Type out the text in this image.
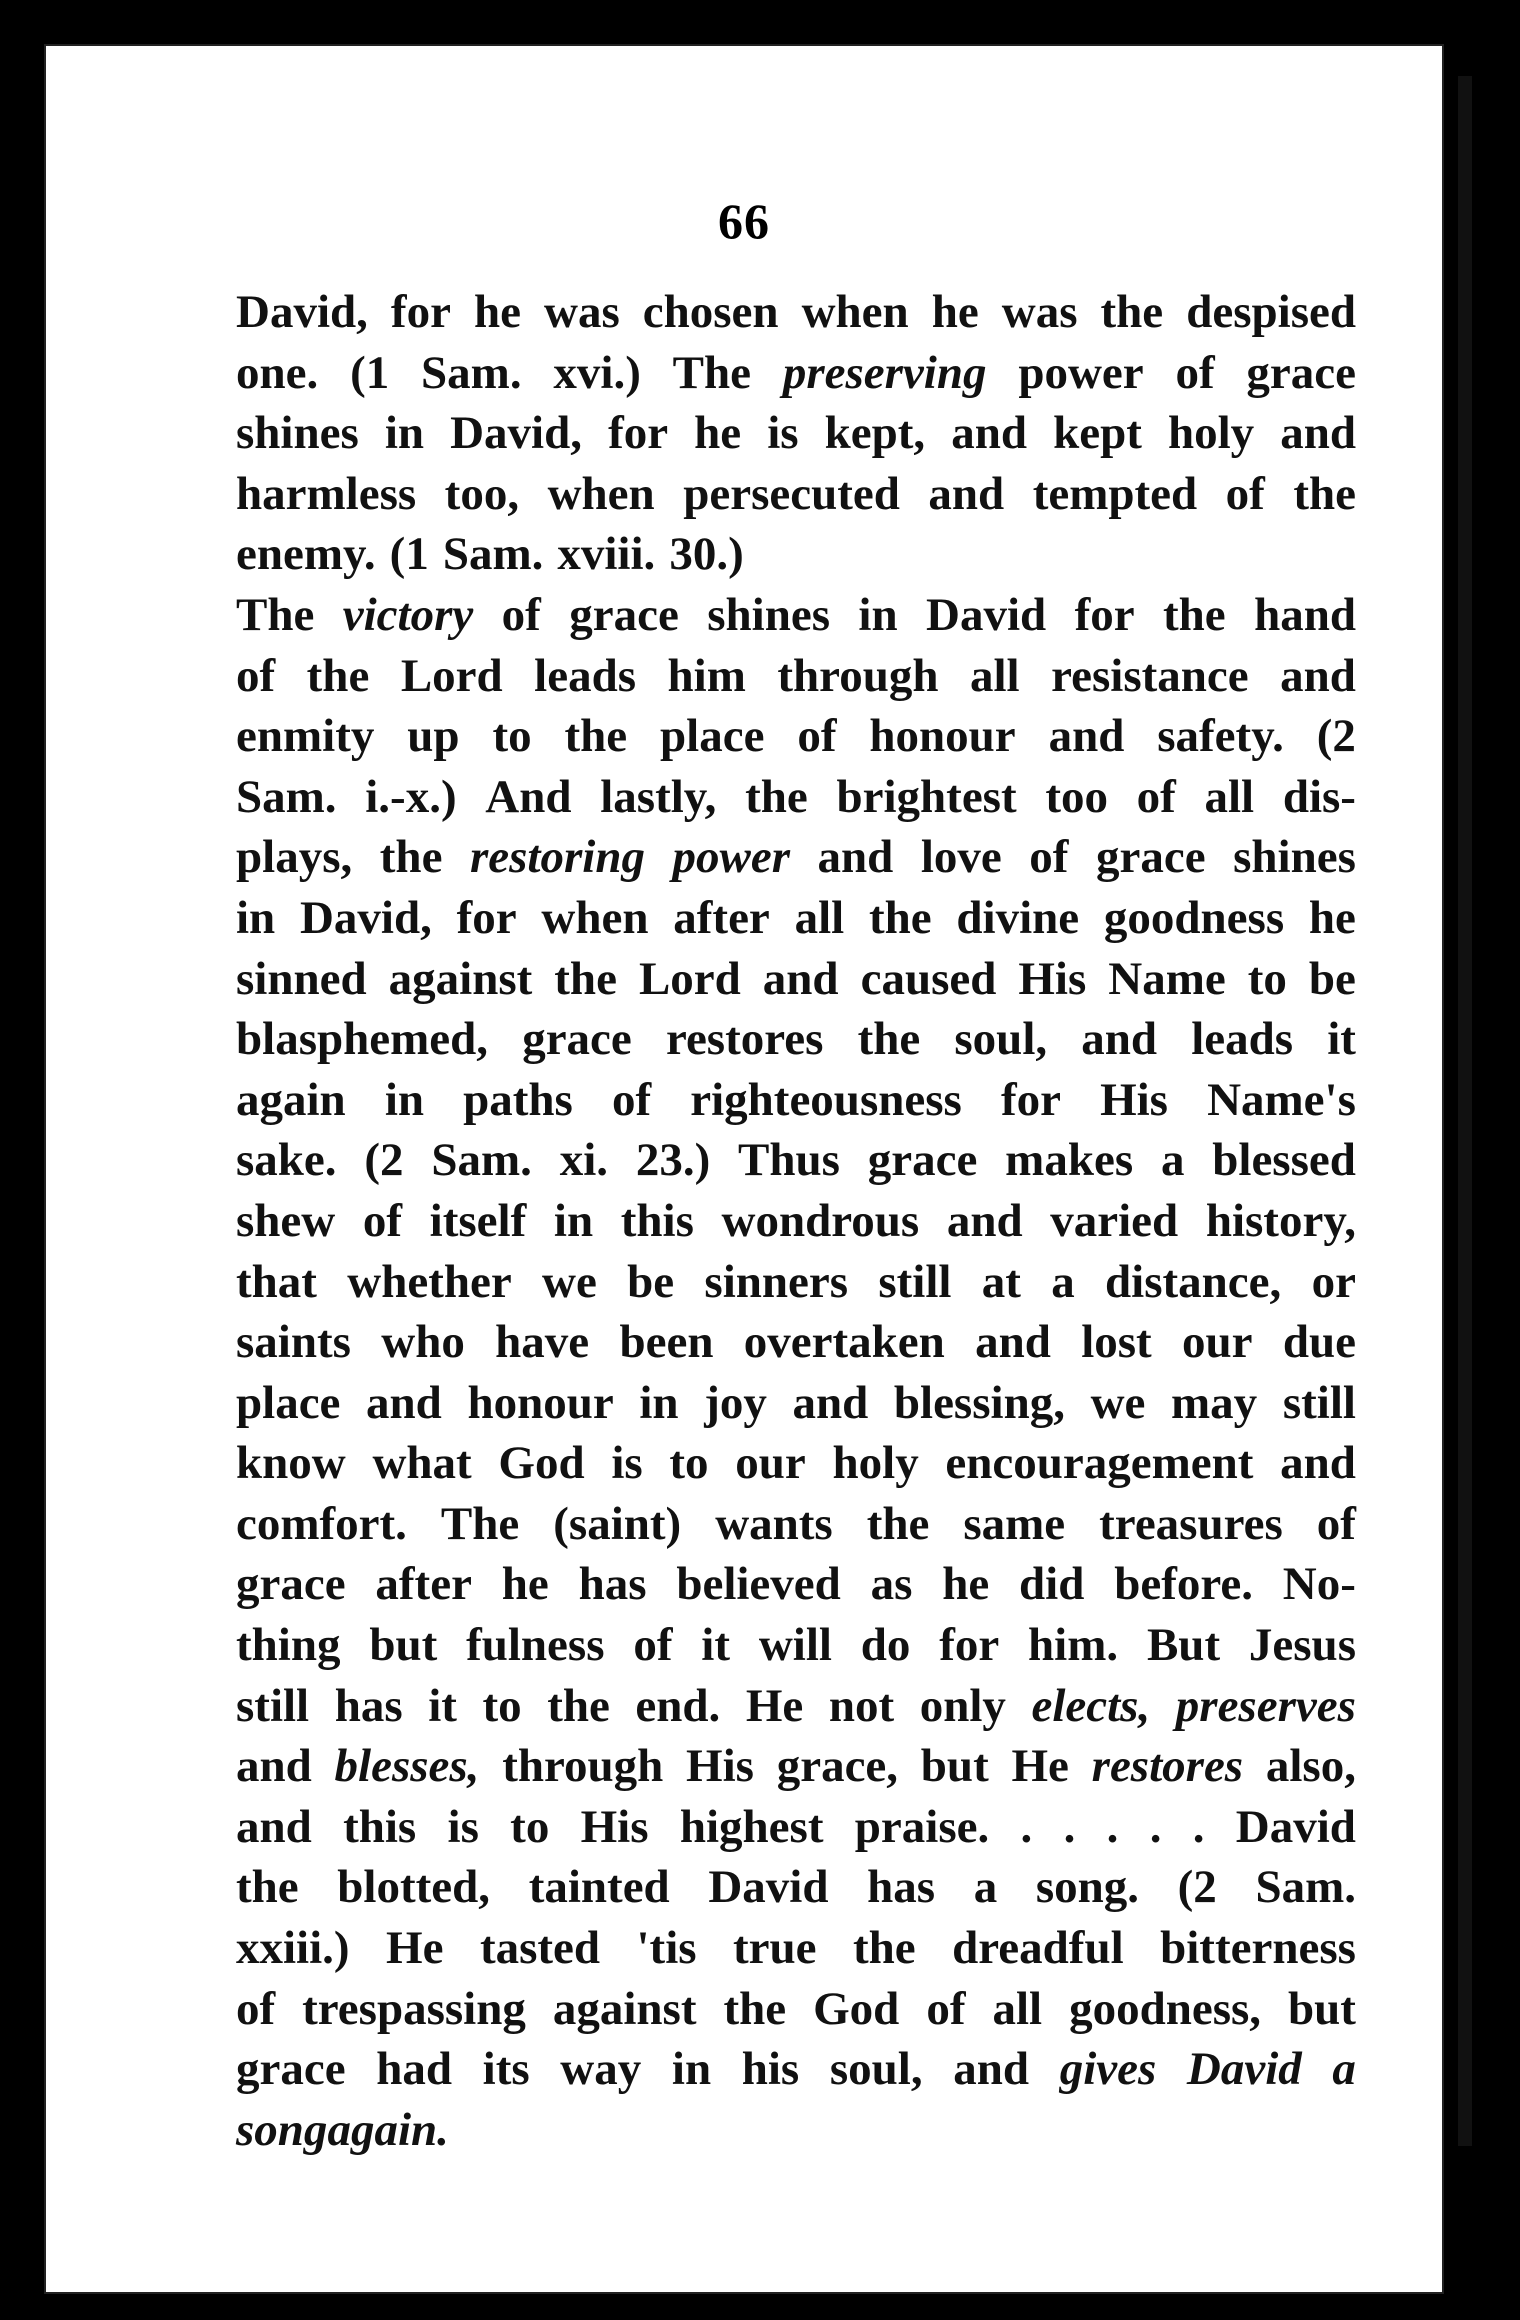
66
David, for he was chosen when he was the despised
one. (1 Sam. xvi.) The preserving power of grace
shines in David, for he is kept, and kept holy and
harmless too, when persecuted and tempted of the
enemy. (1 Sam. xviii. 30.)
The victory of grace shines in David for the hand
of the Lord leads him through all resistance and
enmity up to the place of honour and safety. (2
Sam. i.-x.) And lastly, the brightest too of all dis-
plays, the restoring power and love of grace shines
in David, for when after all the divine goodness he
sinned against the Lord and caused His Name to be
blasphemed, grace restores the soul, and leads it
again in paths of righteousness for His Name's
sake. (2 Sam. xi. 23.) Thus grace makes a blessed
shew of itself in this wondrous and varied history,
that whether we be sinners still at a distance, or
saints who have been overtaken and lost our due
place and honour in joy and blessing, we may still
know what God is to our holy encouragement and
comfort. The (saint) wants the same treasures of
grace after he has believed as he did before. No-
thing but fulness of it will do for him. But Jesus
still has it to the end. He not only elects, preserves
and blesses, through His grace, but He restores also,
and this is to His highest praise. . . . . . David
the blotted, tainted David has a song. (2 Sam.
xxiii.) He tasted 'tis true the dreadful bitterness
of trespassing against the God of all goodness, but
grace had its way in his soul, and gives David a
song again.
